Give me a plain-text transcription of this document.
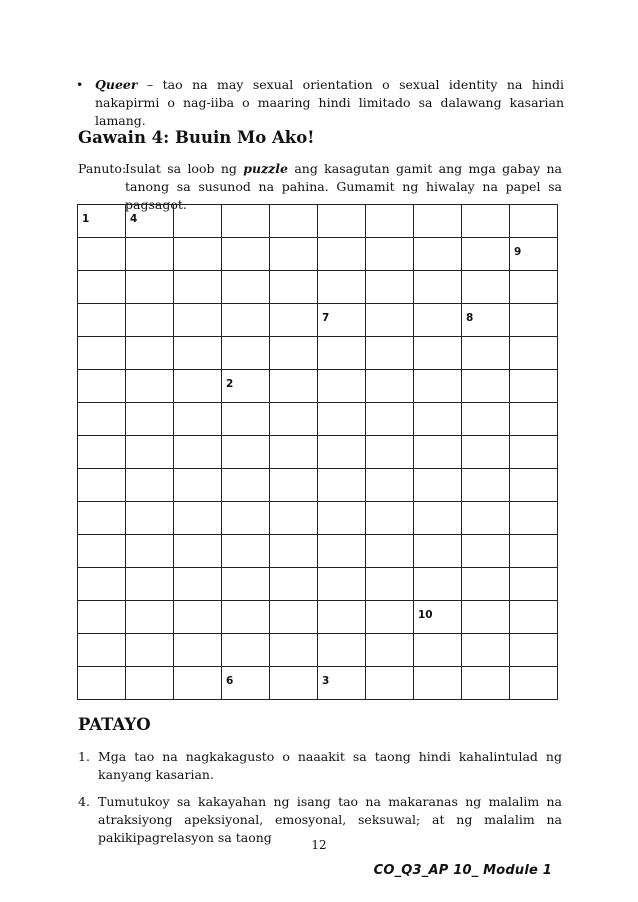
• Queer – tao na may sexual orientation o sexual identity na hindi nakapirmi o nag-iiba o maaring hindi limitado sa dalawang kasarian lamang.
Gawain 4: Buuin Mo Ako!
Panuto:
Isulat sa loob ng puzzle ang kasagutan gamit ang mga gabay na tanong sa susunod na pahina. Gumamit ng hiwalay na papel sa pagsagot.
1	4								

									9

					7			8	

			2						

							10		

			6		3				

PATAYO
1. Mga tao na nagkakagusto o naaakit sa taong hindi kahalintulad ng kanyang kasarian.
4. Tumutukoy sa kakayahan ng isang tao na makaranas ng malalim na atraksiyong apeksiyonal, emosyonal, seksuwal; at ng malalim na pakikipagrelasyon sa taong	12
CO_Q3_AP 10_ Module 1
